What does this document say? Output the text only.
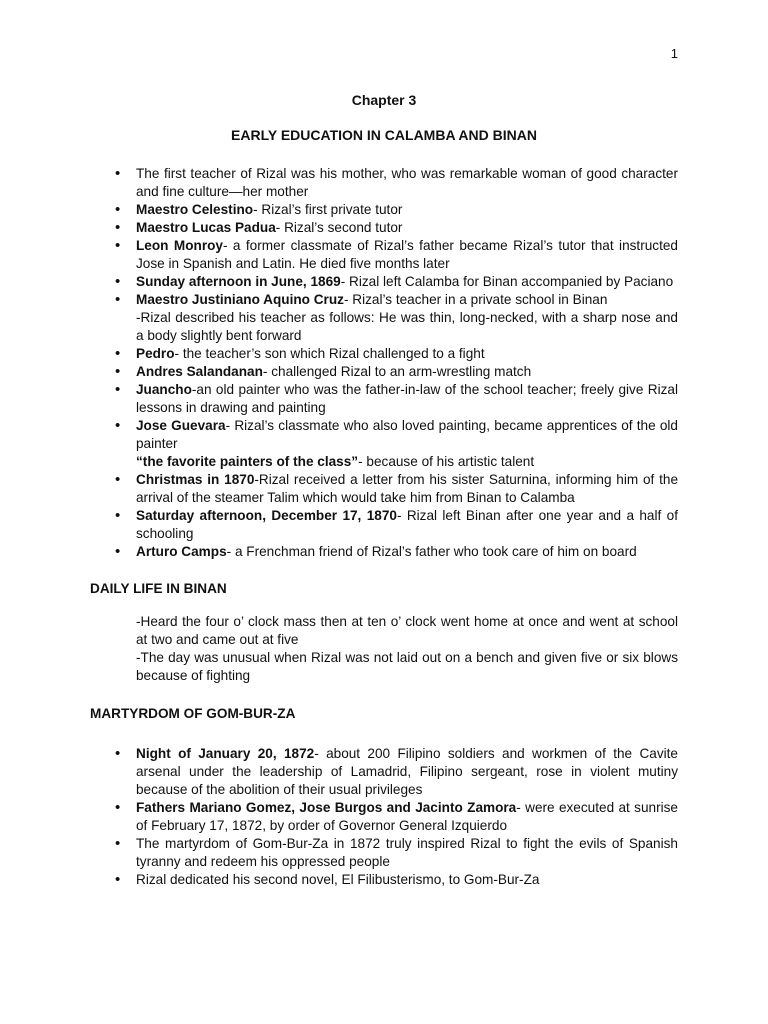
1
Chapter 3
EARLY EDUCATION IN CALAMBA AND BINAN
• The first teacher of Rizal was his mother, who was remarkable woman of good character and fine culture—her mother
• Maestro Celestino- Rizal’s first private tutor
• Maestro Lucas Padua- Rizal’s second tutor
• Leon Monroy- a former classmate of Rizal’s father became Rizal’s tutor that instructed Jose in Spanish and Latin. He died five months later
• Sunday afternoon in June, 1869- Rizal left Calamba for Binan accompanied by Paciano
• Maestro Justiniano Aquino Cruz- Rizal’s teacher in a private school in Binan
-Rizal described his teacher as follows: He was thin, long-necked, with a sharp nose and a body slightly bent forward
• Pedro- the teacher’s son which Rizal challenged to a fight
• Andres Salandanan- challenged Rizal to an arm-wrestling match
• Juancho-an old painter who was the father-in-law of the school teacher; freely give Rizal lessons in drawing and painting
• Jose Guevara- Rizal’s classmate who also loved painting, became apprentices of the old painter
“the favorite painters of the class”- because of his artistic talent
• Christmas in 1870-Rizal received a letter from his sister Saturnina, informing him of the arrival of the steamer Talim which would take him from Binan to Calamba
• Saturday afternoon, December 17, 1870- Rizal left Binan after one year and a half of schooling
• Arturo Camps- a Frenchman friend of Rizal’s father who took care of him on board
DAILY LIFE IN BINAN
-Heard the four o’ clock mass then at ten o’ clock went home at once and went at school at two and came out at five
-The day was unusual when Rizal was not laid out on a bench and given five or six blows because of fighting
MARTYRDOM OF GOM-BUR-ZA
• Night of January 20, 1872- about 200 Filipino soldiers and workmen of the Cavite arsenal under the leadership of Lamadrid, Filipino sergeant, rose in violent mutiny because of the abolition of their usual privileges
• Fathers Mariano Gomez, Jose Burgos and Jacinto Zamora- were executed at sunrise of February 17, 1872, by order of Governor General Izquierdo
• The martyrdom of Gom-Bur-Za in 1872 truly inspired Rizal to fight the evils of Spanish tyranny and redeem his oppressed people
• Rizal dedicated his second novel, El Filibusterismo, to Gom-Bur-Za
